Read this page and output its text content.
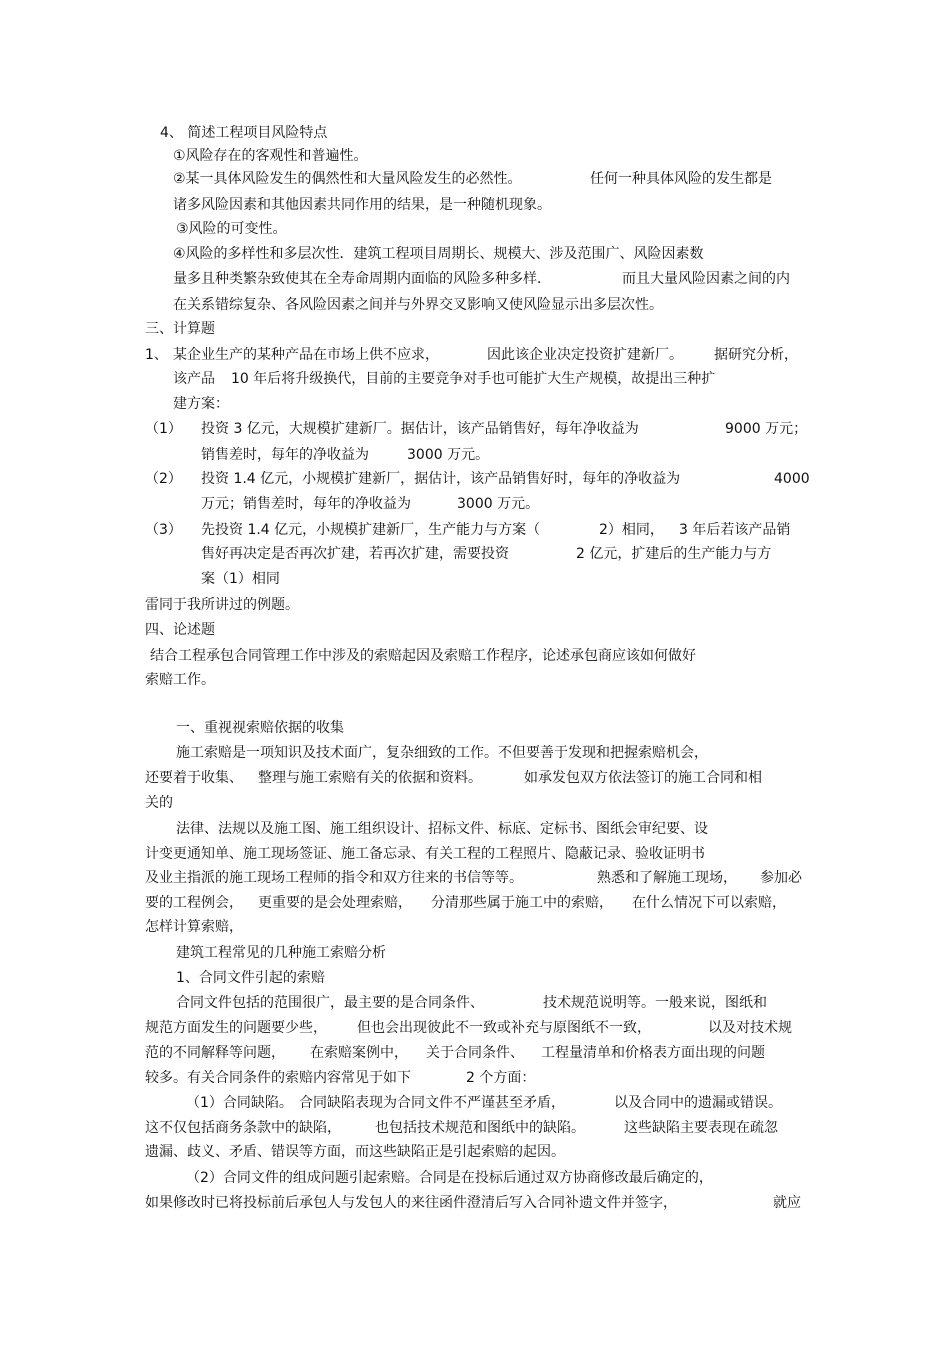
4、 简述工程项目风险特点
①风险存在的客观性和普遍性。
②某一具体风险发生的偶然性和大量风险发生的必然性。	任何一种具体风险的发生都是
诸多风险因素和其他因素共同作用的结果，是一种随机现象。
③风险的可变性。
④风险的多样性和多层次性．建筑工程项目周期长、规模大、涉及范围广、风险因素数
量多且种类繁杂致使其在全寿命周期内面临的风险多种多样．	而且大量风险因素之间的内
在关系错综复杂、各风险因素之间并与外界交叉影响又使风险显示出多层次性。
三、计算题
1、 某企业生产的某种产品在市场上供不应求，	因此该企业决定投资扩建新厂。 据研究分析，
该产品 10 年后将升级换代，目前的主要竞争对手也可能扩大生产规模，故提出三种扩
建方案：
（1） 投资 3 亿元，大规模扩建新厂。据估计，该产品销售好，每年净收益为	9000 万元；
销售差时，每年的净收益为	3000 万元。
（2） 投资 1.4 亿元，小规模扩建新厂，据估计，该产品销售好时，每年的净收益为	4000
万元；销售差时，每年的净收益为	3000 万元。
（3） 先投资 1.4 亿元，小规模扩建新厂，生产能力与方案（	2）相同， 3 年后若该产品销
售好再决定是否再次扩建，若再次扩建，需要投资	2 亿元，扩建后的生产能力与方
案（1）相同
雷同于我所讲过的例题。
四、论述题
结合工程承包合同管理工作中涉及的索赔起因及索赔工作程序，论述承包商应该如何做好
索赔工作。
一、重视视索赔依据的收集
施工索赔是一项知识及技术面广，复杂细致的工作。不但要善于发现和把握索赔机会，
还要着于收集、 整理与施工索赔有关的依据和资料。	如承发包双方依法签订的施工合同和相
关的
法律、法规以及施工图、施工组织设计、招标文件、标底、定标书、图纸会审纪要、设
计变更通知单、施工现场签证、施工备忘录、有关工程的工程照片、隐蔽记录、验收证明书
及业主指派的施工现场工程师的指令和双方往来的书信等等。	熟悉和了解施工现场， 参加必
要的工程例会， 更重要的是会处理索赔， 分清那些属于施工中的索赔， 在什么情况下可以索赔，
怎样计算索赔，
建筑工程常见的几种施工索赔分析
1、合同文件引起的索赔
合同文件包括的范围很广，最主要的是合同条件、	技术规范说明等。一般来说，图纸和
规范方面发生的问题要少些， 但也会出现彼此不一致或补充与原图纸不一致，	以及对技术规
范的不同解释等问题， 在索赔案例中， 关于合同条件、 工程量清单和价格表方面出现的问题
较多。有关合同条件的索赔内容常见于如下	2 个方面：
（1）合同缺陷。 合同缺陷表现为合同文件不严谨甚至矛盾，	以及合同中的遗漏或错误。
这不仅包括商务条款中的缺陷， 也包括技术规范和图纸中的缺陷。	这些缺陷主要表现在疏忽
遗漏、歧义、矛盾、错误等方面，而这些缺陷正是引起索赔的起因。
（2）合同文件的组成问题引起索赔。合同是在投标后通过双方协商修改最后确定的，
如果修改时已将投标前后承包人与发包人的来往函件澄清后写入合同补遗文件并签字，	就应
